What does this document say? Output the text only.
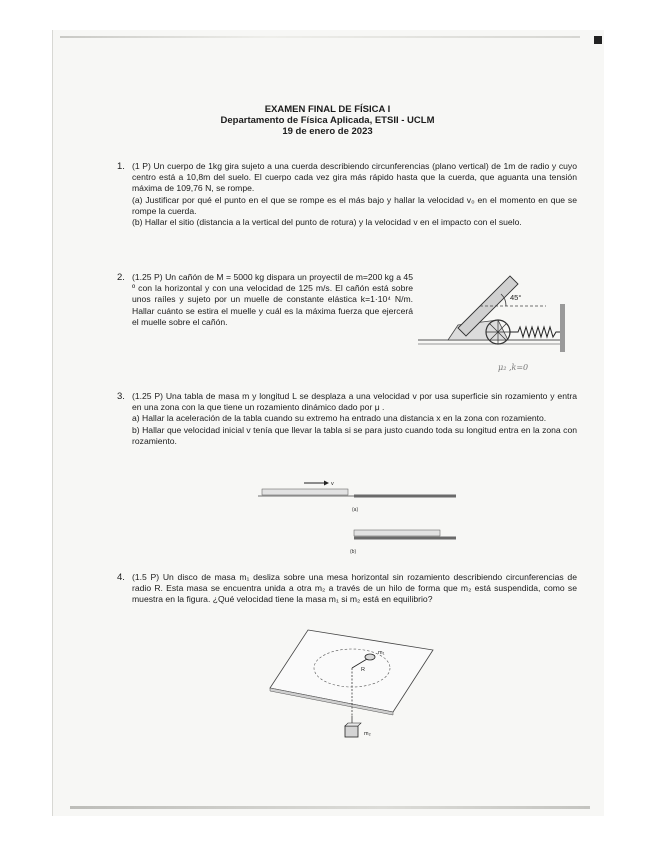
EXAMEN FINAL DE FÍSICA I
Departamento de Física Aplicada, ETSII - UCLM
19 de enero de 2023
1. (1 P) Un cuerpo de 1kg gira sujeto a una cuerda describiendo circunferencias (plano vertical) de 1m de radio y cuyo centro está a 10,8m del suelo. El cuerpo cada vez gira más rápido hasta que la cuerda, que aguanta una tensión máxima de 109,76 N, se rompe.

(a) Justificar por qué el punto en el que se rompe es el más bajo y hallar la velocidad v₀ en el momento en que se rompe la cuerda.

(b) Hallar el sitio (distancia a la vertical del punto de rotura) y la velocidad v en el impacto con el suelo.

2. (1.25 P) Un cañón de M = 5000 kg dispara un proyectil de m=200 kg a 45 º con la horizontal y con una velocidad de 125 m/s. El cañón está sobre unos raíles y sujeto por un muelle de constante elástica k=1·10⁴ N/m. Hallar cuánto se estira el muelle y cuál es la máxima fuerza que ejercerá el muelle sobre el cañón.

45°
μ₂ ,k=0
3. (1.25 P) Una tabla de masa m y longitud L se desplaza a una velocidad v por usa superficie sin rozamiento y entra en una zona con la que tiene un rozamiento dinámico dado por μ .

a) Hallar la aceleración de la tabla cuando su extremo ha entrado una distancia x en la zona con rozamiento.

b) Hallar que velocidad inicial v tenía que llevar la tabla si se para justo cuando toda su longitud entra en la zona con rozamiento.

v
(a)
(b)
4. (1.5 P) Un disco de masa m₁ desliza sobre una mesa horizontal sin rozamiento describiendo circunferencias de radio R. Esta masa se encuentra unida a otra m₂ a través de un hilo de forma que m₂ está suspendida, como se muestra en la figura. ¿Qué velocidad tiene la masa m₁ si m₂ está en equilibrio?

m₁
R
m₂
